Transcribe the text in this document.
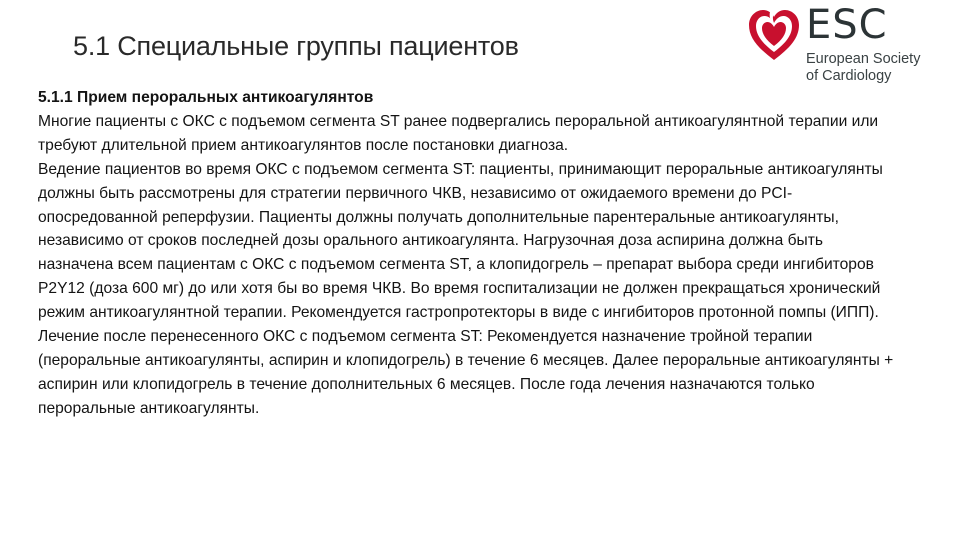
5.1 Специальные группы пациентов	ESC
European Society
of Cardiology

5.1.1 Прием пероральных антикоагулянтов

Многие пациенты с ОКС с подъемом сегмента ST ранее подвергались пероральной антикоагулянтной терапии или требуют длительной прием антикоагулянтов после постановки диагноза.

Ведение пациентов во время ОКС с подъемом сегмента ST: пациенты, принимающит пероральные антикоагулянты должны быть рассмотрены для стратегии первичного ЧКВ, независимо от ожидаемого времени до PCI-опосредованной реперфузии. Пациенты должны получать дополнительные парентеральные антикоагулянты, независимо от сроков последней дозы орального антикоагулянта. Нагрузочная доза аспирина должна быть назначена всем пациентам с ОКС с подъемом сегмента ST, а клопидогрель – препарат выбора среди ингибиторов P2Y12 (доза 600 мг) до или хотя бы во время ЧКВ. Во время госпитализации не должен прекращаться хронический режим антикоагулянтной терапии. Рекомендуется гастропротекторы в виде с ингибиторов протонной помпы (ИПП).

Лечение после перенесенного ОКС с подъемом сегмента ST: Рекомендуется назначение тройной терапии (пероральные антикоагулянты, аспирин и клопидогрель) в течение 6 месяцев. Далее пероральные антикоагулянты + аспирин или клопидогрель в течение дополнительных 6 месяцев. После года лечения назначаются только пероральные антикоагулянты.
